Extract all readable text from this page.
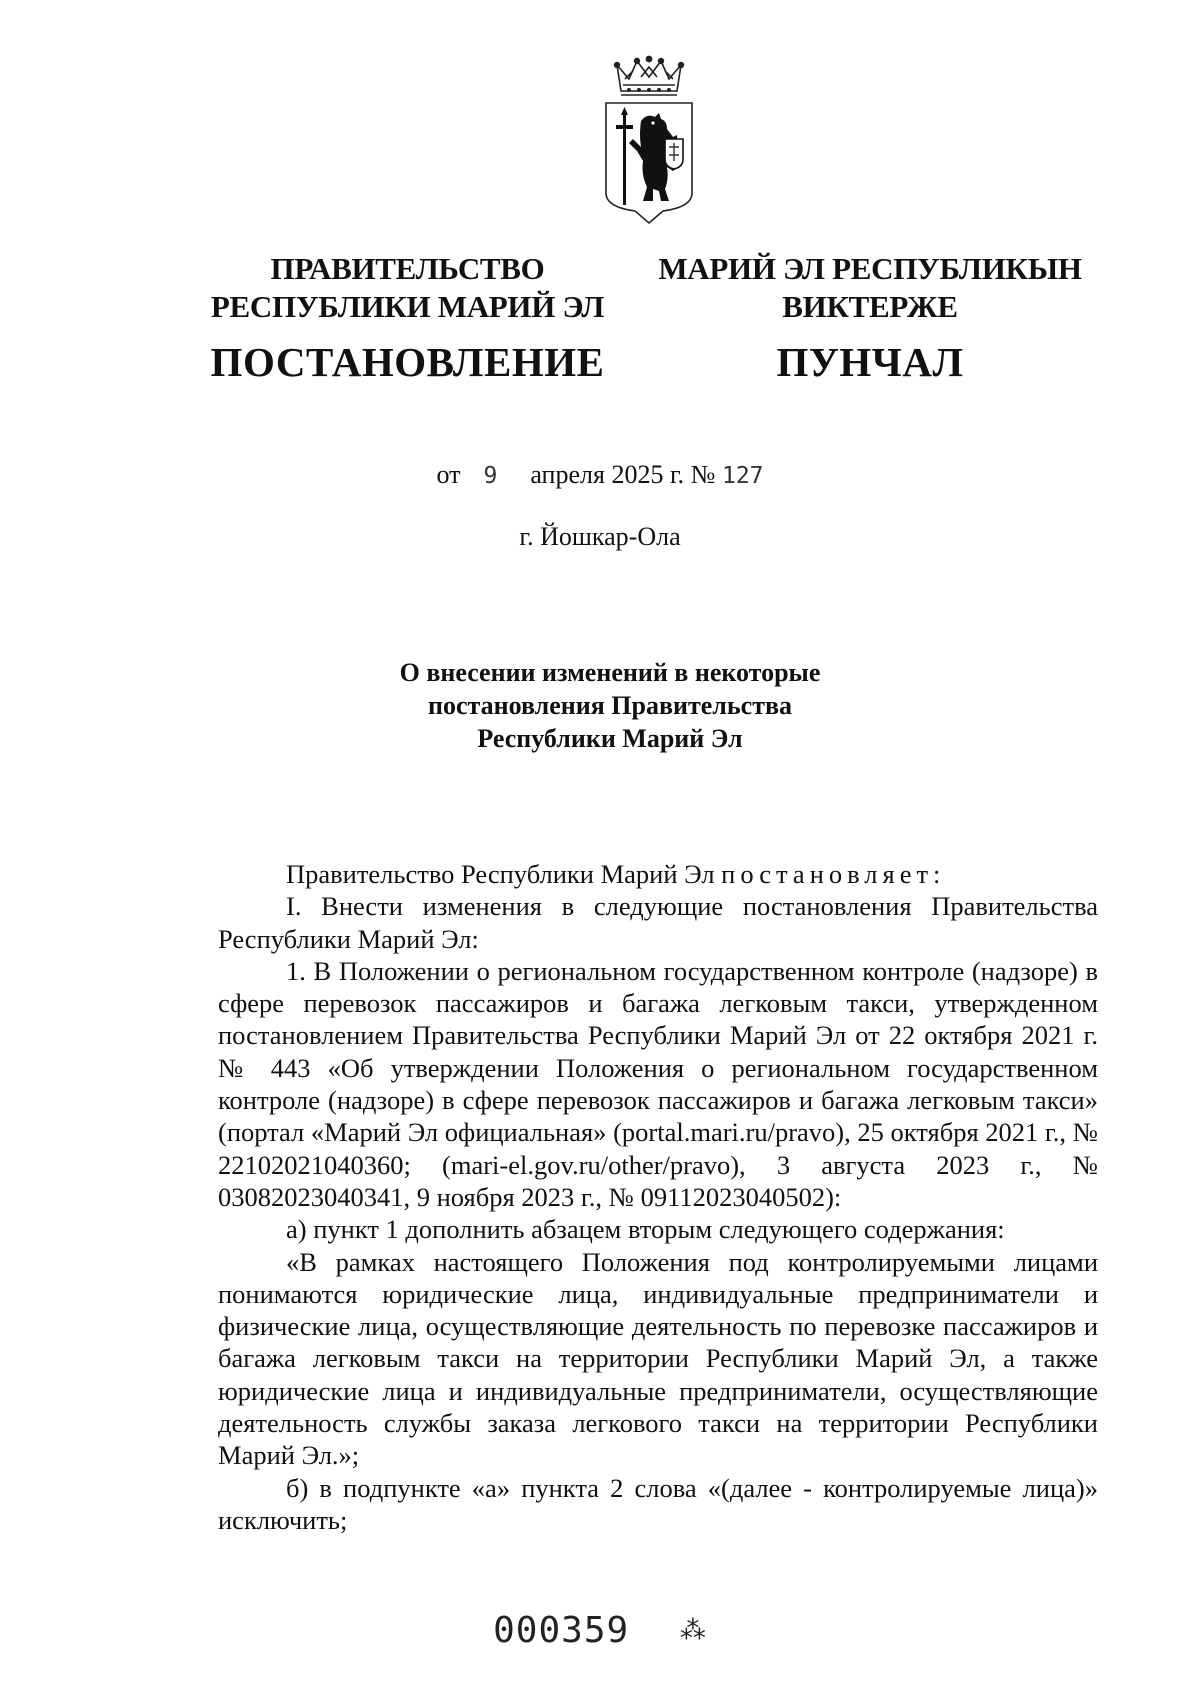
ПРАВИТЕЛЬСТВО
РЕСПУБЛИКИ МАРИЙ ЭЛ
ПОСТАНОВЛЕНИЕ
МАРИЙ ЭЛ РЕСПУБЛИКЫН
ВИКТЕРЖЕ
ПУНЧАЛ
от 9 апреля 2025 г. № 127
г. Йошкар-Ола
О внесении изменений в некоторые
постановления Правительства
Республики Марий Эл

Правительство Республики Марий Эл постановляет:

I. Внести изменения в следующие постановления Правительства Республики Марий Эл:

1. В Положении о региональном государственном контроле (надзоре) в сфере перевозок пассажиров и багажа легковым такси, утвержденном постановлением Правительства Республики Марий Эл от 22 октября 2021 г. № 443 «Об утверждении Положения о региональном государственном контроле (надзоре) в сфере перевозок пассажиров и багажа легковым такси» (портал «Марий Эл официальная» (portal.mari.ru/pravo), 25 октября 2021 г., № 22102021040360; (mari-el.gov.ru/other/pravo), 3 августа 2023 г., № 03082023040341, 9 ноября 2023 г., № 09112023040502):

а) пункт 1 дополнить абзацем вторым следующего содержания:

«В рамках настоящего Положения под контролируемыми лицами понимаются юридические лица, индивидуальные предприниматели и физические лица, осуществляющие деятельность по перевозке пассажиров и багажа легковым такси на территории Республики Марий Эл, а также юридические лица и индивидуальные предприниматели, осуществляющие деятельность службы заказа легкового такси на территории Республики Марий Эл.»;

б) в подпункте «а» пункта 2 слова «(далее - контролируемые лица)» исключить;

000359 ⁂
